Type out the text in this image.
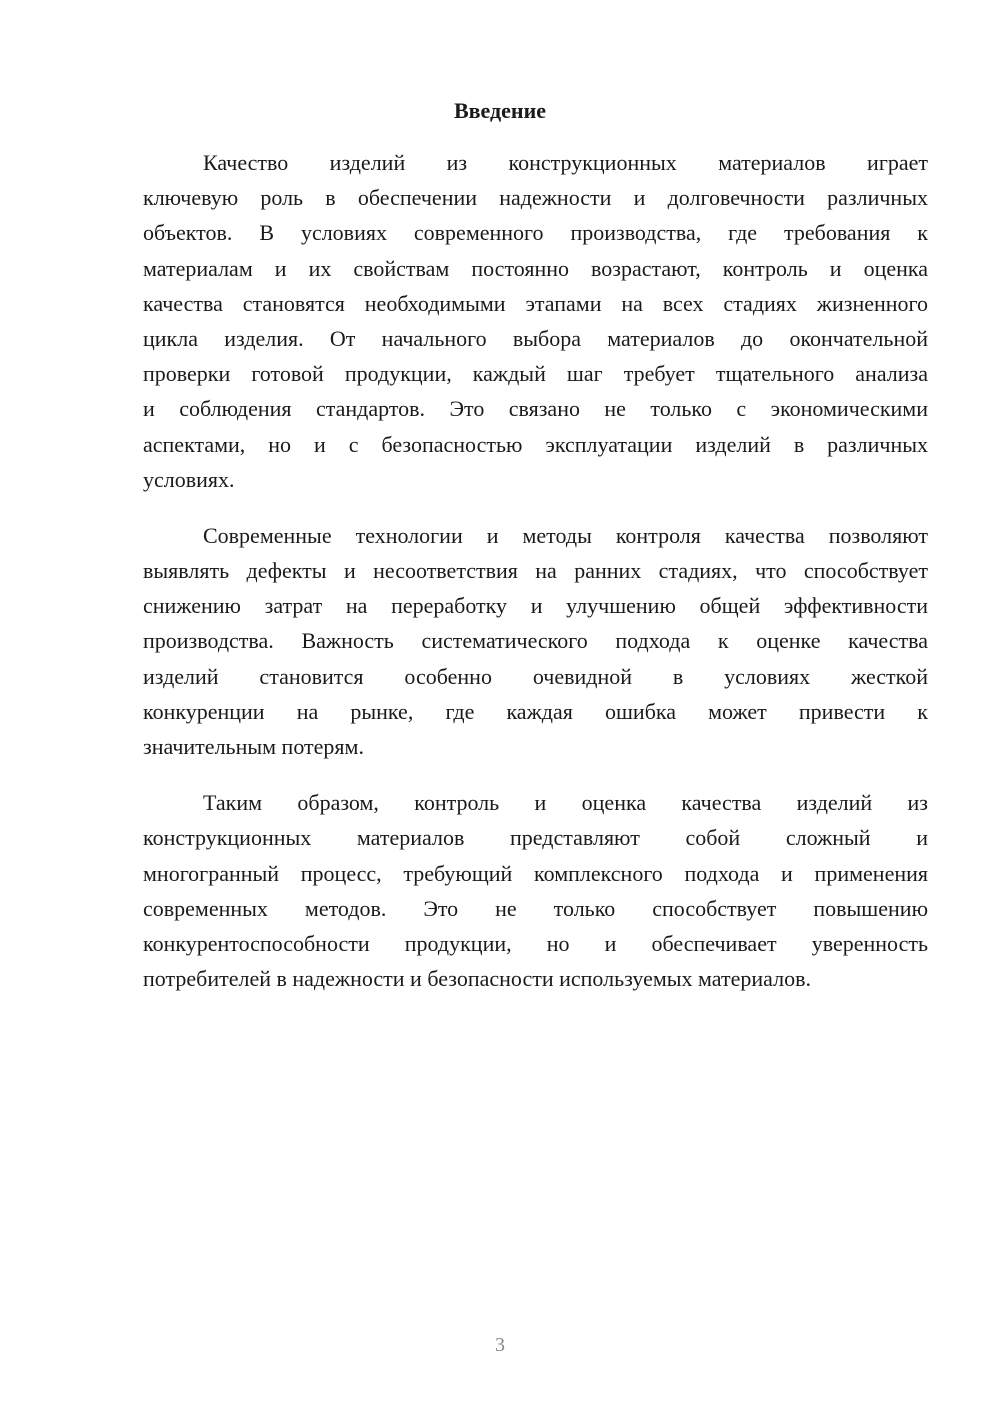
Введение
Качество изделий из конструкционных материалов играет
ключевую роль в обеспечении надежности и долговечности различных
объектов. В условиях современного производства, где требования к
материалам и их свойствам постоянно возрастают, контроль и оценка
качества становятся необходимыми этапами на всех стадиях жизненного
цикла изделия. От начального выбора материалов до окончательной
проверки готовой продукции, каждый шаг требует тщательного анализа
и соблюдения стандартов. Это связано не только с экономическими
аспектами, но и с безопасностью эксплуатации изделий в различных
условиях.
Современные технологии и методы контроля качества позволяют
выявлять дефекты и несоответствия на ранних стадиях, что способствует
снижению затрат на переработку и улучшению общей эффективности
производства. Важность систематического подхода к оценке качества
изделий становится особенно очевидной в условиях жесткой
конкуренции на рынке, где каждая ошибка может привести к
значительным потерям.
Таким образом, контроль и оценка качества изделий из
конструкционных материалов представляют собой сложный и
многогранный процесс, требующий комплексного подхода и применения
современных методов. Это не только способствует повышению
конкурентоспособности продукции, но и обеспечивает уверенность
потребителей в надежности и безопасности используемых материалов.
3
